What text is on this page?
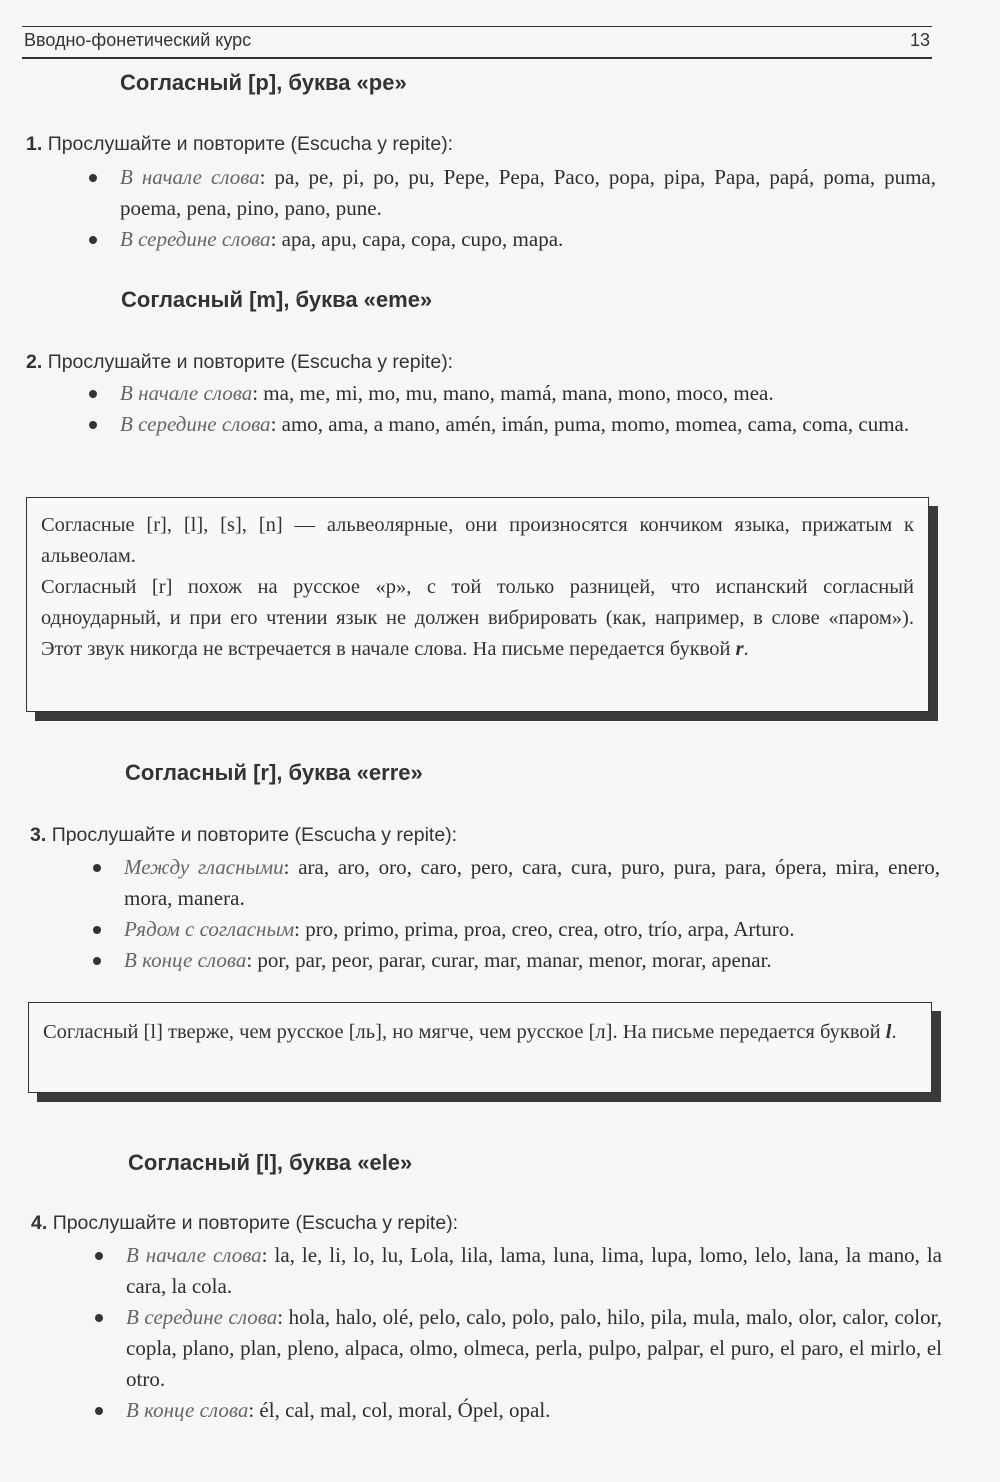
Вводно-фонетический курс	13
Согласный [p], буква «pe»
1. Прослушайте и повторите (Escucha y repite):
В начале слова: pa, pe, pi, po, pu, Pepe, Pepa, Paco, popa, pipa, Papa, papá, poma, puma, poema, pena, pino, pano, pune.
В середине слова: apa, apu, capa, copa, cupo, mapa.
Согласный [m], буква «eme»
2. Прослушайте и повторите (Escucha y repite):
В начале слова: ma, me, mi, mo, mu, mano, mamá, mana, mono, moco, mea.
В середине слова: amo, ama, a mano, amén, imán, puma, momo, momea, cama, coma, cuma.

Согласные [r], [l], [s], [n] — альвеолярные, они произносятся кончиком языка, прижатым к альвеолам.

Согласный [r] похож на русское «р», с той только разницей, что испанский согласный одноударный, и при его чтении язык не должен вибрировать (как, например, в слове «паром»). Этот звук никогда не встречается в начале слова. На письме передается буквой r.

Согласный [r], буква «erre»
3. Прослушайте и повторите (Escucha y repite):
Между гласными: ara, aro, oro, caro, pero, cara, cura, puro, pura, para, ópera, mira, enero, mora, manera.
Рядом с согласным: pro, primo, prima, proa, creo, crea, otro, trío, arpa, Arturo.
В конце слова: por, par, peor, parar, curar, mar, manar, menor, morar, apenar.

Согласный [l] тверже, чем русское [ль], но мягче, чем русское [л]. На письме передается буквой l.

Согласный [l], буква «ele»
4. Прослушайте и повторите (Escucha y repite):
В начале слова: la, le, li, lo, lu, Lola, lila, lama, luna, lima, lupa, lomo, lelo, lana, la mano, la cara, la cola.
В середине слова: hola, halo, olé, pelo, calo, polo, palo, hilo, pila, mula, malo, olor, calor, color, copla, plano, plan, pleno, alpaca, olmo, olmeca, perla, pulpo, palpar, el puro, el paro, el mirlo, el otro.
В конце слова: él, cal, mal, col, moral, Ópel, opal.
